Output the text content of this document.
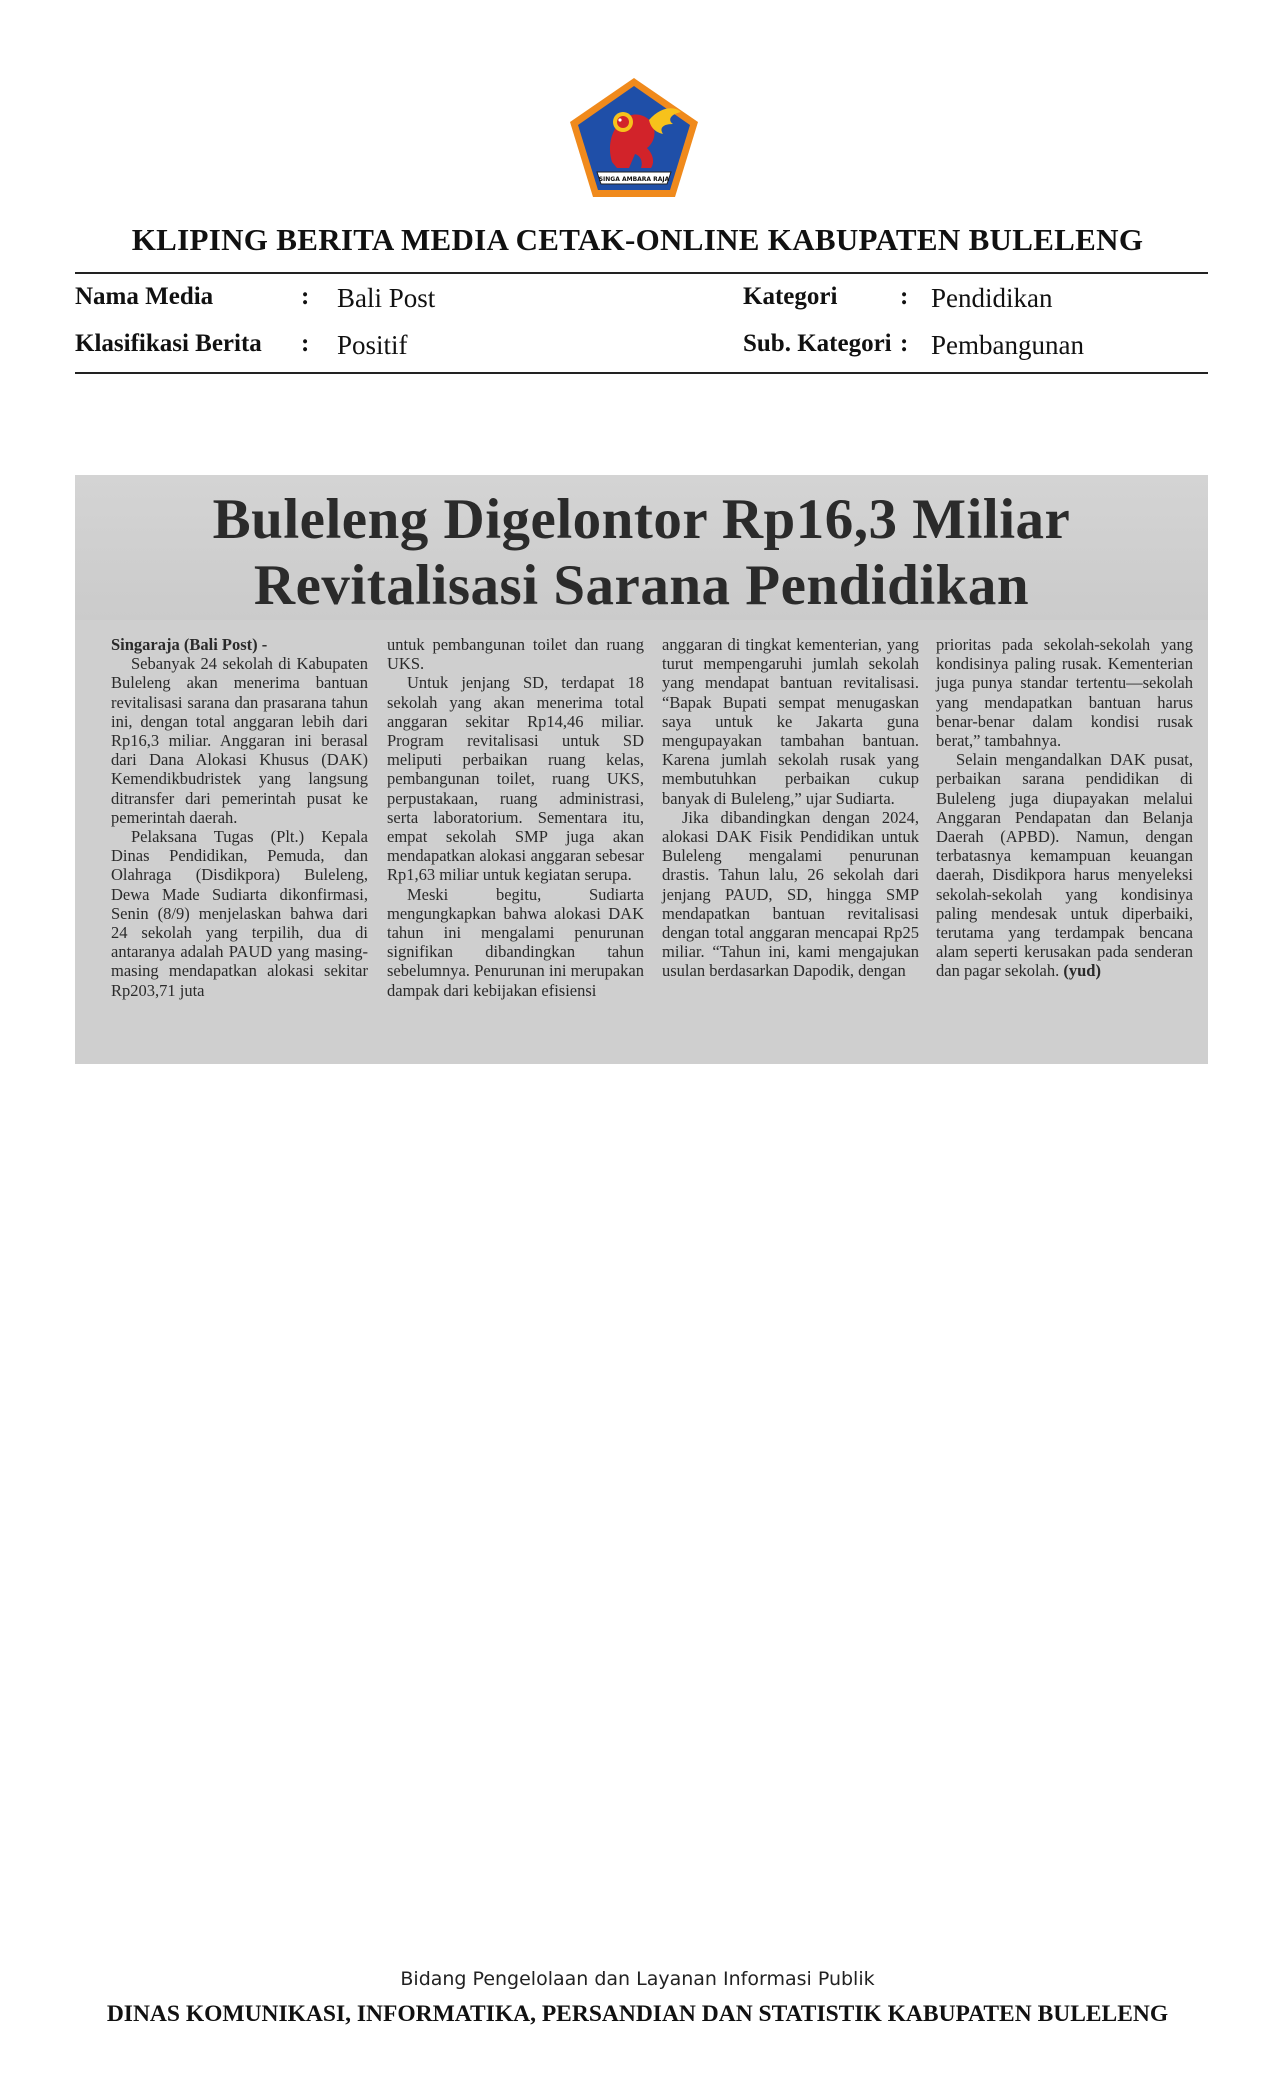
SINGA AMBARA RAJA
KLIPING BERITA MEDIA CETAK-ONLINE KABUPATEN BULELENG
Nama Media	: Bali Post	Kategori	: Pendidikan
Klasifikasi Berita : Positif	Sub. Kategori : Pembangunan
Buleleng Digelontor Rp16,3 Miliar
Revitalisasi Sarana Pendidikan

Singaraja (Bali Post) -

Sebanyak 24 sekolah di Kabupaten Buleleng akan menerima bantuan revitalisasi sarana dan prasarana tahun ini, dengan total anggaran lebih dari Rp16,3 miliar. Anggaran ini berasal dari Dana Alokasi Khusus (DAK) Kemendikbudristek yang langsung ditransfer dari pemerintah pusat ke pemerintah daerah.

Pelaksana Tugas (Plt.) Kepala Dinas Pendidikan, Pemuda, dan Olahraga (Disdikpora) Buleleng, Dewa Made Sudiarta dikonfirmasi, Senin (8/9) menjelaskan bahwa dari 24 sekolah yang terpilih, dua di antaranya adalah PAUD yang masing-masing mendapatkan alokasi sekitar Rp203,71 juta

untuk pembangunan toilet dan ruang UKS.

Untuk jenjang SD, terdapat 18 sekolah yang akan menerima total anggaran sekitar Rp14,46 miliar. Program revitalisasi untuk SD meliputi perbaikan ruang kelas, pembangunan toilet, ruang UKS, perpustakaan, ruang administrasi, serta laboratorium. Sementara itu, empat sekolah SMP juga akan mendapatkan alokasi anggaran sebesar Rp1,63 miliar untuk kegiatan serupa.

Meski begitu, Sudiarta mengungkapkan bahwa alokasi DAK tahun ini mengalami penurunan signifikan dibandingkan tahun sebelumnya. Penurunan ini merupakan dampak dari kebijakan efisiensi

anggaran di tingkat kementerian, yang turut mempengaruhi jumlah sekolah yang mendapat bantuan revitalisasi. “Bapak Bupati sempat menugaskan saya untuk ke Jakarta guna mengupayakan tambahan bantuan. Karena jumlah sekolah rusak yang membutuhkan perbaikan cukup banyak di Buleleng,” ujar Sudiarta.

Jika dibandingkan dengan 2024, alokasi DAK Fisik Pendidikan untuk Buleleng mengalami penurunan drastis. Tahun lalu, 26 sekolah dari jenjang PAUD, SD, hingga SMP mendapatkan bantuan revitalisasi dengan total anggaran mencapai Rp25 miliar. “Tahun ini, kami mengajukan usulan berdasarkan Dapodik, dengan

prioritas pada sekolah-sekolah yang kondisinya paling rusak. Kementerian juga punya standar tertentu—sekolah yang mendapatkan bantuan harus benar-benar dalam kondisi rusak berat,” tambahnya.

Selain mengandalkan DAK pusat, perbaikan sarana pendidikan di Buleleng juga diupayakan melalui Anggaran Pendapatan dan Belanja Daerah (APBD). Namun, dengan terbatasnya kemampuan keuangan daerah, Disdikpora harus menyeleksi sekolah-sekolah yang kondisinya paling mendesak untuk diperbaiki, terutama yang terdampak bencana alam seperti kerusakan pada senderan dan pagar sekolah. (yud)

Bidang Pengelolaan dan Layanan Informasi Publik
DINAS KOMUNIKASI, INFORMATIKA, PERSANDIAN DAN STATISTIK KABUPATEN BULELENG
